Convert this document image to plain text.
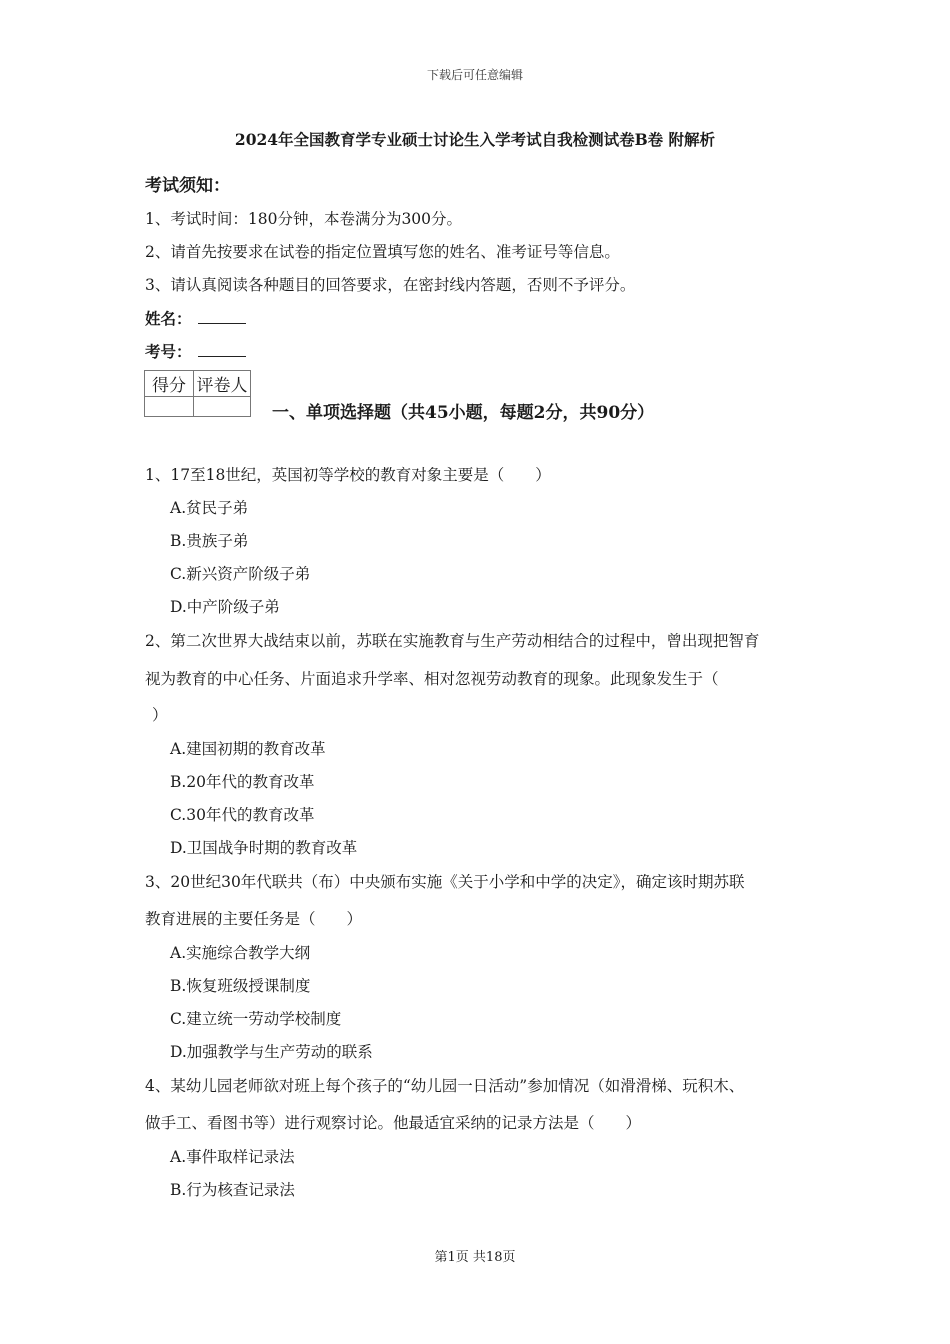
下载后可任意编辑
2024年全国教育学专业硕士讨论生入学考试自我检测试卷B卷 附解析
考试须知：
1、考试时间：180分钟，本卷满分为300分。
2、请首先按要求在试卷的指定位置填写您的姓名、准考证号等信息。
3、请认真阅读各种题目的回答要求，在密封线内答题，否则不予评分。
姓名：
考号：
得分	评卷人

一、单项选择题（共45小题，每题2分，共90分）
1、17至18世纪，英国初等学校的教育对象主要是（　　）
A.贫民子弟
B.贵族子弟
C.新兴资产阶级子弟
D.中产阶级子弟
2、第二次世界大战结束以前，苏联在实施教育与生产劳动相结合的过程中，曾出现把智育
视为教育的中心任务、片面追求升学率、相对忽视劳动教育的现象。此现象发生于（
）
A.建国初期的教育改革
B.20年代的教育改革
C.30年代的教育改革
D.卫国战争时期的教育改革
3、20世纪30年代联共（布）中央颁布实施《关于小学和中学的决定》，确定该时期苏联
教育进展的主要任务是（　　）
A.实施综合教学大纲
B.恢复班级授课制度
C.建立统一劳动学校制度
D.加强教学与生产劳动的联系
4、某幼儿园老师欲对班上每个孩子的“幼儿园一日活动”参加情况（如滑滑梯、玩积木、
做手工、看图书等）进行观察讨论。他最适宜采纳的记录方法是（　　）
A.事件取样记录法
B.行为核查记录法
第1页 共18页
